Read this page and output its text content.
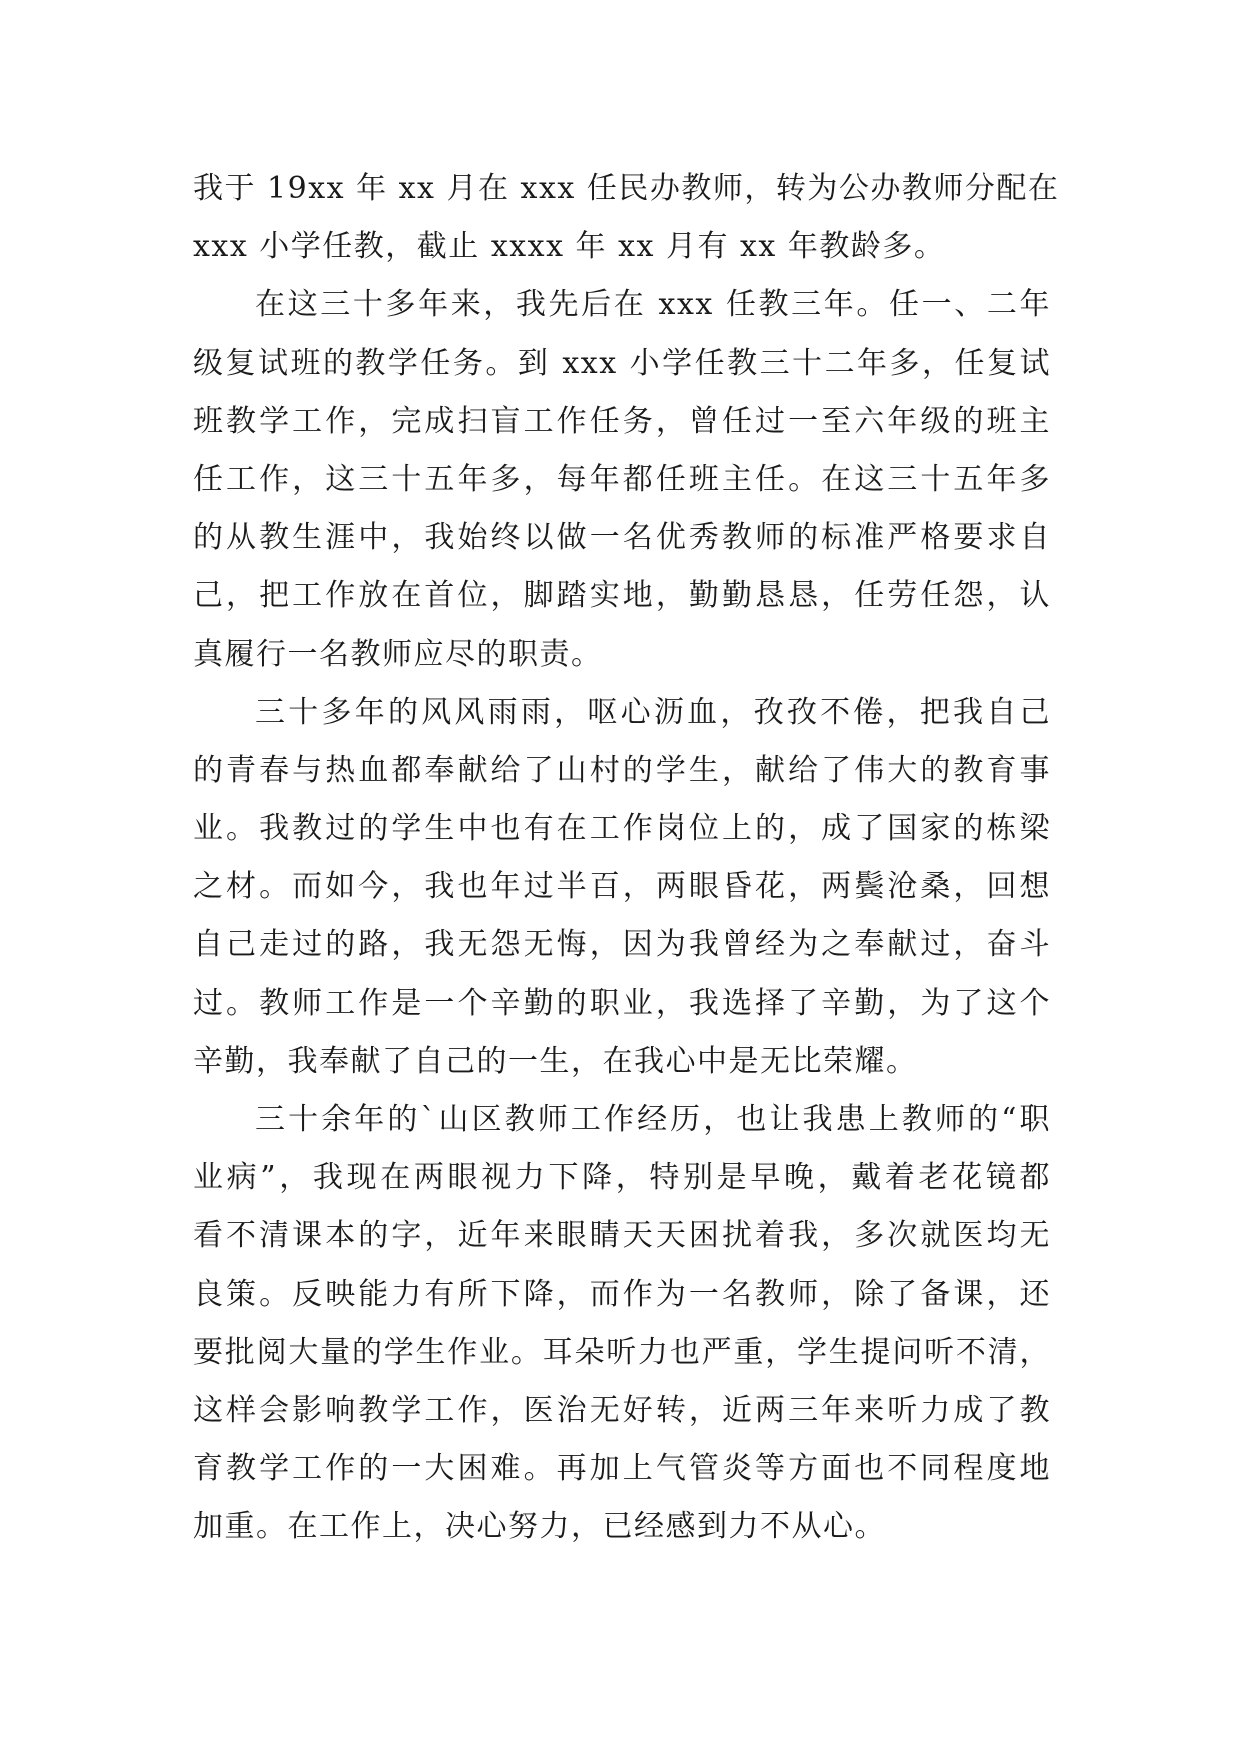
我于 19xx 年 xx 月在 xxx 任民办教师，转为公办教师分配在
xxx 小学任教，截止 xxxx 年 xx 月有 xx 年教龄多。
在这三十多年来，我先后在 xxx 任教三年。任一、二年
级复试班的教学任务。到 xxx 小学任教三十二年多，任复试
班教学工作，完成扫盲工作任务，曾任过一至六年级的班主
任工作，这三十五年多，每年都任班主任。在这三十五年多
的从教生涯中，我始终以做一名优秀教师的标准严格要求自
己，把工作放在首位，脚踏实地，勤勤恳恳，任劳任怨，认
真履行一名教师应尽的职责。
三十多年的风风雨雨，呕心沥血，孜孜不倦，把我自己
的青春与热血都奉献给了山村的学生，献给了伟大的教育事
业。我教过的学生中也有在工作岗位上的，成了国家的栋梁
之材。而如今，我也年过半百，两眼昏花，两鬓沧桑，回想
自己走过的路，我无怨无悔，因为我曾经为之奉献过，奋斗
过。教师工作是一个辛勤的职业，我选择了辛勤，为了这个
辛勤，我奉献了自己的一生，在我心中是无比荣耀。
三十余年的`山区教师工作经历，也让我患上教师的“职
业病”，我现在两眼视力下降，特别是早晚，戴着老花镜都
看不清课本的字，近年来眼睛天天困扰着我，多次就医均无
良策。反映能力有所下降，而作为一名教师，除了备课，还
要批阅大量的学生作业。耳朵听力也严重，学生提问听不清，
这样会影响教学工作，医治无好转，近两三年来听力成了教
育教学工作的一大困难。再加上气管炎等方面也不同程度地
加重。在工作上，决心努力，已经感到力不从心。
